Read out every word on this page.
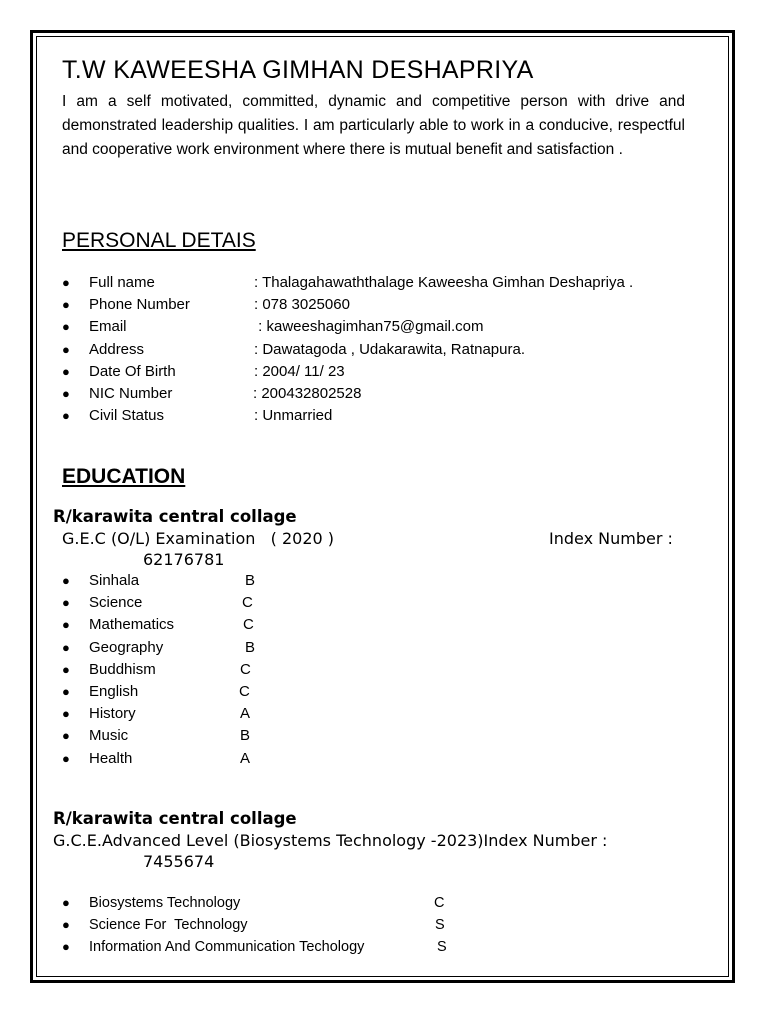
T.W KAWEESHA GIMHAN DESHAPRIYA
I am a self motivated, committed, dynamic and competitive person with drive and demonstrated leadership qualities. I am particularly able to work in a conducive, respectful and cooperative work environment where there is mutual benefit and satisfaction .
PERSONAL DETAIS
● Full name	: Thalagahawaththalage Kaweesha Gimhan Deshapriya .
● Phone Number	: 078 3025060
● Email	: kaweeshagimhan75@gmail.com
● Address	: Dawatagoda , Udakarawita, Ratnapura.
● Date Of Birth	: 2004/ 11/ 23
● NIC Number	: 200432802528
● Civil Status	: Unmarried
EDUCATION
R/karawita central collage
G.E.C (O/L) Examination   ( 2020 )	Index Number :
62176781
● Sinhala	B
● Science	C
● Mathematics	C
● Geography	B
● Buddhism	C
● English	C
● History	A
● Music	B
● Health	A
R/karawita central collage
G.C.E.Advanced Level (Biosystems Technology -2023)Index Number :
7455674
● Biosystems Technology	C
● Science For  Technology	S
● Information And Communication Techology	S
